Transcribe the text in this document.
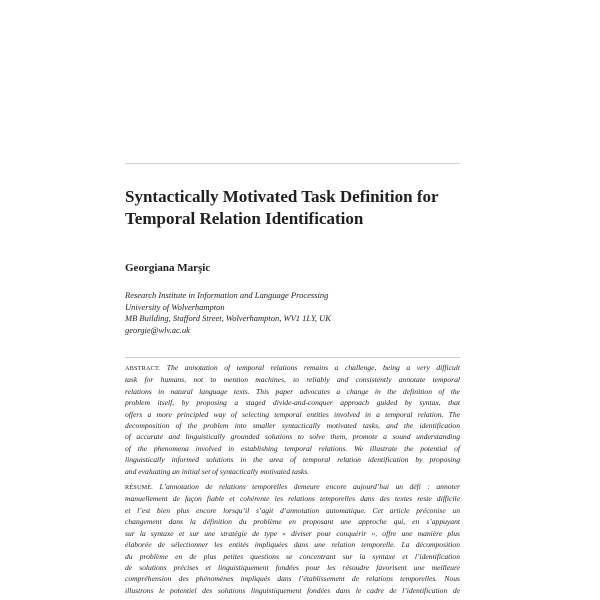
Syntactically Motivated Task Definition for
Temporal Relation Identification
Georgiana Marşic
Research Institute in Information and Language Processing
University of Wolverhampton
MB Building, Stafford Street, Wolverhampton, WV1 1LY, UK
georgie@wlv.ac.uk
ABSTRACT. The annotation of temporal relations remains a challenge, being a very difficult
task for humans, not to mention machines, to reliably and consistently annotate temporal
relations in natural language texts. This paper advocates a change in the definition of the
problem itself, by proposing a staged divide-and-conquer approach guided by syntax, that
offers a more principled way of selecting temporal entities involved in a temporal relation. The
decomposition of the problem into smaller syntactically motivated tasks, and the identification
of accurate and linguistically grounded solutions to solve them, promote a sound understanding
of the phenomena involved in establishing temporal relations. We illustrate the potential of
linguistically informed solutions in the area of temporal relation identification by proposing
and evaluating an initial set of syntactically motivated tasks.
RÉSUMÉ. L’annotation de relations temporelles demeure encore aujourd’hui un défi : annoter
manuellement de façon fiable et cohérente les relations temporelles dans des textes reste difficile
et l’est bien plus encore lorsqu’il s’agit d’annotation automatique. Cet article préconise un
changement dans la définition du problème en proposant une approche qui, en s’appuyant
sur la syntaxe et sur une stratégie de type « diviser pour conquérir », offre une manière plus
élaborée de sélectionner les entités impliquées dans une relation temporelle. La décomposition
du problème en de plus petites questions se concentrant sur la syntaxe et l’identification
de solutions précises et linguistiquement fondées pour les résoudre favorisent une meilleure
compréhension des phénomènes impliqués dans l’établissement de relations temporelles. Nous
illustrons le potentiel des solutions linguistiquement fondées dans le cadre de l’identification de
